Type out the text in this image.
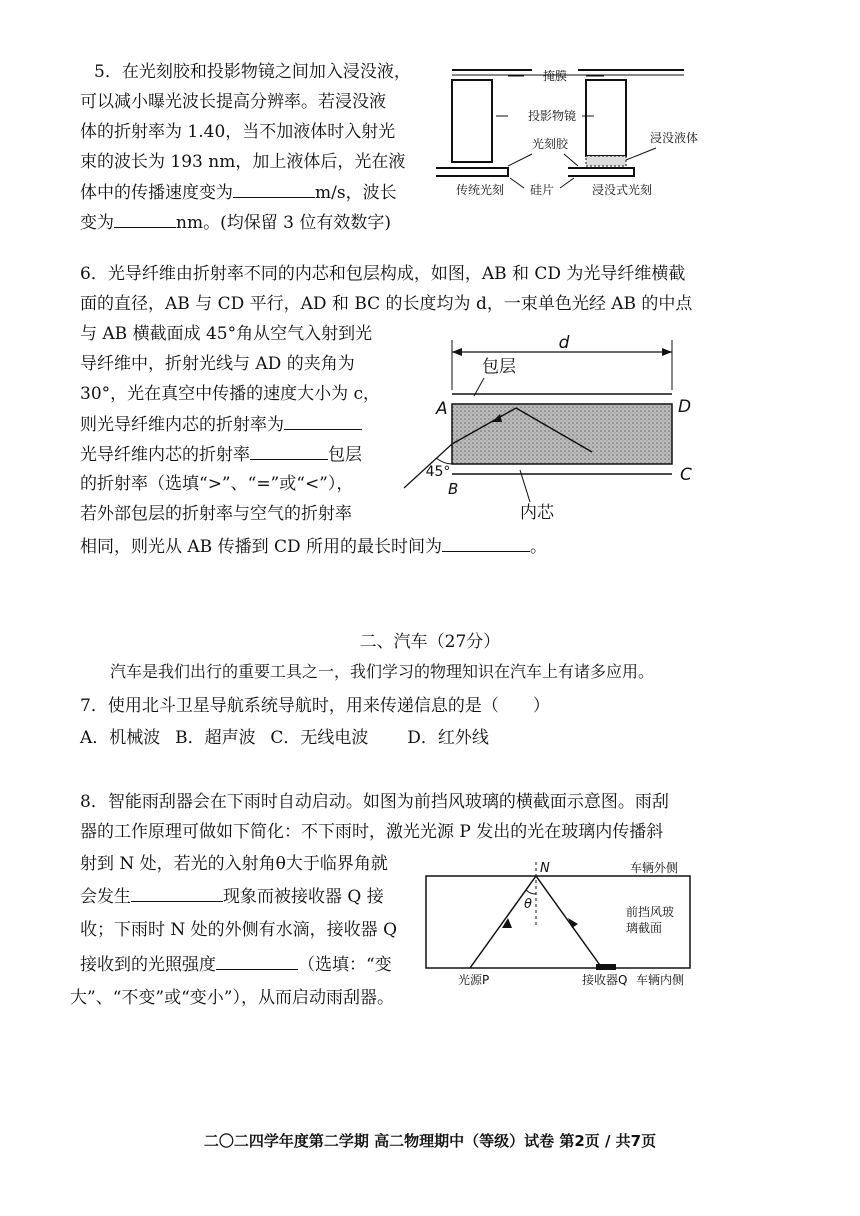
5．在光刻胶和投影物镜之间加入浸没液，
可以减小曝光波长提高分辨率。若浸没液
体的折射率为 1.40，当不加液体时入射光
束的波长为 193 nm，加上液体后，光在液
体中的传播速度变为	m/s，波长
变为	nm。(均保留 3 位有效数字)
掩膜
投影物镜
光刻胶	浸没液体
传统光刻 硅片	浸没式光刻
6．光导纤维由折射率不同的内芯和包层构成，如图，AB 和 CD 为光导纤维横截
面的直径，AB 与 CD 平行，AD 和 BC 的长度均为 d，一束单色光经 AB 的中点
与 AB 横截面成 45°角从空气入射到光
导纤维中，折射光线与 AD 的夹角为
30°，光在真空中传播的速度大小为 c，
则光导纤维内芯的折射率为
光导纤维内芯的折射率	包层
的折射率（选填“>”、“=”或“<”），
若外部包层的折射率与空气的折射率
相同，则光从 AB 传播到 CD 所用的最长时间为	。
d
45°
A
B
D
C
包层
内芯
二、汽车（27分）
汽车是我们出行的重要工具之一，我们学习的物理知识在汽车上有诸多应用。
7．使用北斗卫星导航系统导航时，用来传递信息的是（　　）
A．机械波 B．超声波 C．无线电波 D．红外线
8．智能雨刮器会在下雨时自动启动。如图为前挡风玻璃的横截面示意图。雨刮
器的工作原理可做如下简化：不下雨时，激光光源 P 发出的光在玻璃内传播斜
射到 N 处，若光的入射角θ大于临界角就
会发生	现象而被接收器 Q 接
收；下雨时 N 处的外侧有水滴，接收器 Q
接收到的光照强度	（选填：“变
大”、“不变”或“变小”），从而启动雨刮器。
θ
N	车辆外侧
前挡风玻
璃截面
光源P	接收器Q 车辆内侧
二〇二四学年度第二学期 高二物理期中（等级）试卷 第2页 / 共7页
